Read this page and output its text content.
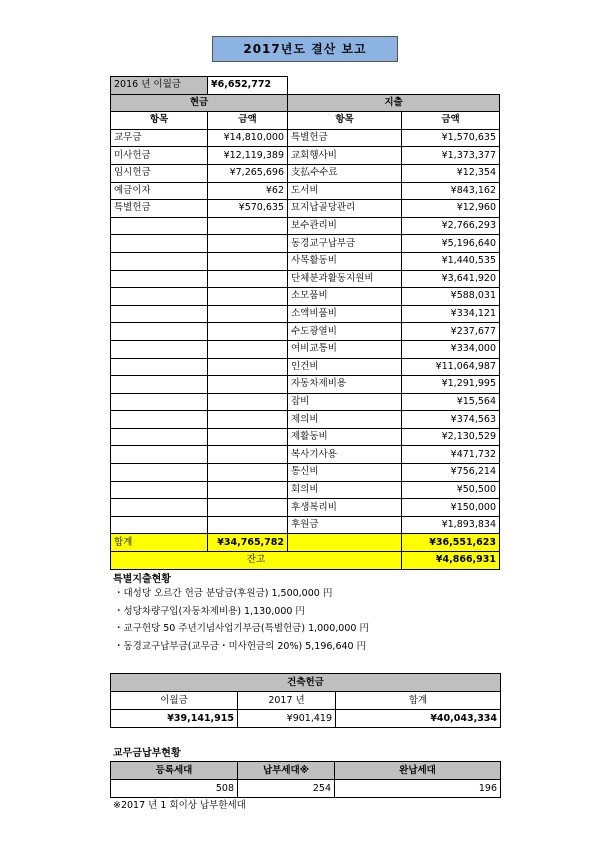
2017년도 결산 보고
2016 년 이월금	¥6,652,772		
현금		지출	
항목	금액	항목	금액
교무금	¥14,810,000	특별헌금	¥1,570,635
미사헌금	¥12,119,389	교회행사비	¥1,373,377
임시헌금	¥7,265,696	支払수수료	¥12,354
예금이자	¥62	도서비	¥843,162
특별헌금	¥570,635	묘지납골당관리	¥12,960
		보수관리비	¥2,766,293
		동경교구납부금	¥5,196,640
		사목활동비	¥1,440,535
		단체분과활동지원비	¥3,641,920
		소모품비	¥588,031
		소액비품비	¥334,121
		수도광열비	¥237,677
		여비교통비	¥334,000
		인건비	¥11,064,987
		자동차제비용	¥1,291,995
		잡비	¥15,564
		제의비	¥374,563
		제활동비	¥2,130,529
		복사기사용	¥471,732
		통신비	¥756,214
		회의비	¥50,500
		후생복리비	¥150,000
		후원금	¥1,893,834
합계	¥34,765,782		¥36,551,623
잔고			¥4,866,931
특별지출현황
・대성당 오르간 헌금 분담금(후원금) 1,500,000 円
・성당차량구입(자동차제비용) 1,130,000 円
・교구헌당 50 주년기념사업기부금(특별헌금) 1,000,000 円
・동경교구납부금(교무금・미사헌금의 20%) 5,196,640 円
건축헌금		
이월금	2017 년	합계
¥39,141,915	¥901,419	¥40,043,334
교무금납부현황
등록세대	납부세대※	완납세대
508	254	196
※2017 년 1 회이상 납부한세대
